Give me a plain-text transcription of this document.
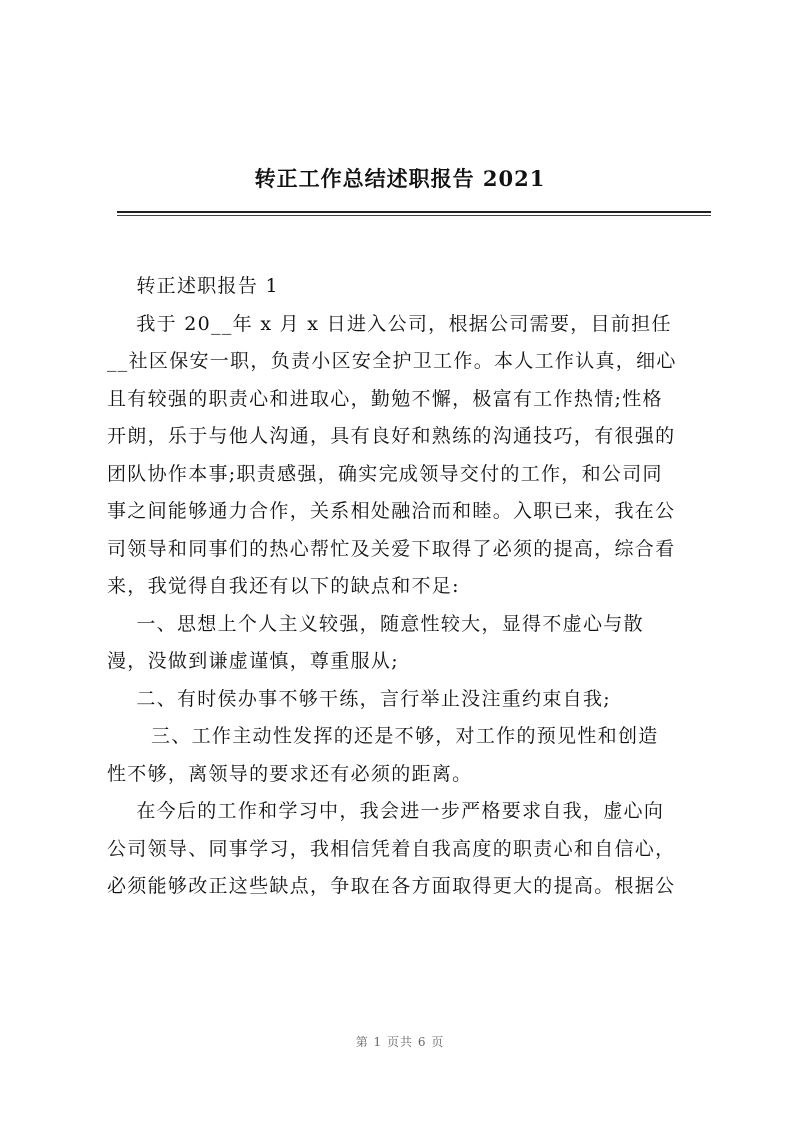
转正工作总结述职报告 2021
转正述职报告 1
我于 20__年 x 月 x 日进入公司，根据公司需要，目前担任
__社区保安一职，负责小区安全护卫工作。本人工作认真，细心
且有较强的职责心和进取心，勤勉不懈，极富有工作热情;性格
开朗，乐于与他人沟通，具有良好和熟练的沟通技巧，有很强的
团队协作本事;职责感强，确实完成领导交付的工作，和公司同
事之间能够通力合作，关系相处融洽而和睦。入职已来，我在公
司领导和同事们的热心帮忙及关爱下取得了必须的提高，综合看
来，我觉得自我还有以下的缺点和不足:
一、思想上个人主义较强，随意性较大，显得不虚心与散
漫，没做到谦虚谨慎，尊重服从;
二、有时侯办事不够干练，言行举止没注重约束自我;
三、工作主动性发挥的还是不够，对工作的预见性和创造
性不够，离领导的要求还有必须的距离。
在今后的工作和学习中，我会进一步严格要求自我，虚心向
公司领导、同事学习，我相信凭着自我高度的职责心和自信心，
必须能够改正这些缺点，争取在各方面取得更大的提高。根据公
第 1 页共 6 页
